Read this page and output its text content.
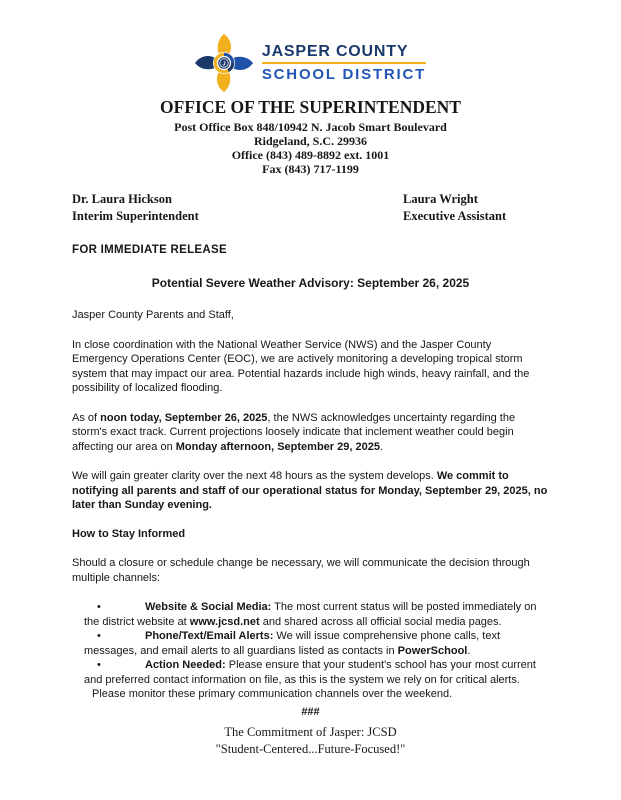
J
JASPER COUNTY
SCHOOL DISTRICT
OFFICE OF THE SUPERINTENDENT
Post Office Box 848/10942 N. Jacob Smart Boulevard
Ridgeland, S.C. 29936
Office (843) 489-8892 ext. 1001
Fax (843) 717-1199
Dr. Laura Hickson
Interim Superintendent
Laura Wright
Executive Assistant
FOR IMMEDIATE RELEASE
Potential Severe Weather Advisory: September 26, 2025

Jasper County Parents and Staff,

In close coordination with the National Weather Service (NWS) and the Jasper County Emergency Operations Center (EOC), we are actively monitoring a developing tropical storm system that may impact our area. Potential hazards include high winds, heavy rainfall, and the possibility of localized flooding.

As of noon today, September 26, 2025, the NWS acknowledges uncertainty regarding the storm's exact track. Current projections loosely indicate that inclement weather could begin affecting our area on Monday afternoon, September 29, 2025.

We will gain greater clarity over the next 48 hours as the system develops. We commit to notifying all parents and staff of our operational status for Monday, September 29, 2025, no later than Sunday evening.

How to Stay Informed

Should a closure or schedule change be necessary, we will communicate the decision through multiple channels:

•	Website & Social Media: The most current status will be posted immediately on the district website at www.jcsd.net and shared across all official social media pages.
•	Phone/Text/Email Alerts: We will issue comprehensive phone calls, text messages, and email alerts to all guardians listed as contacts in PowerSchool.
•	Action Needed: Please ensure that your student's school has your most current and preferred contact information on file, as this is the system we rely on for critical alerts.

Please monitor these primary communication channels over the weekend.

###
The Commitment of Jasper: JCSD
"Student-Centered...Future-Focused!"
